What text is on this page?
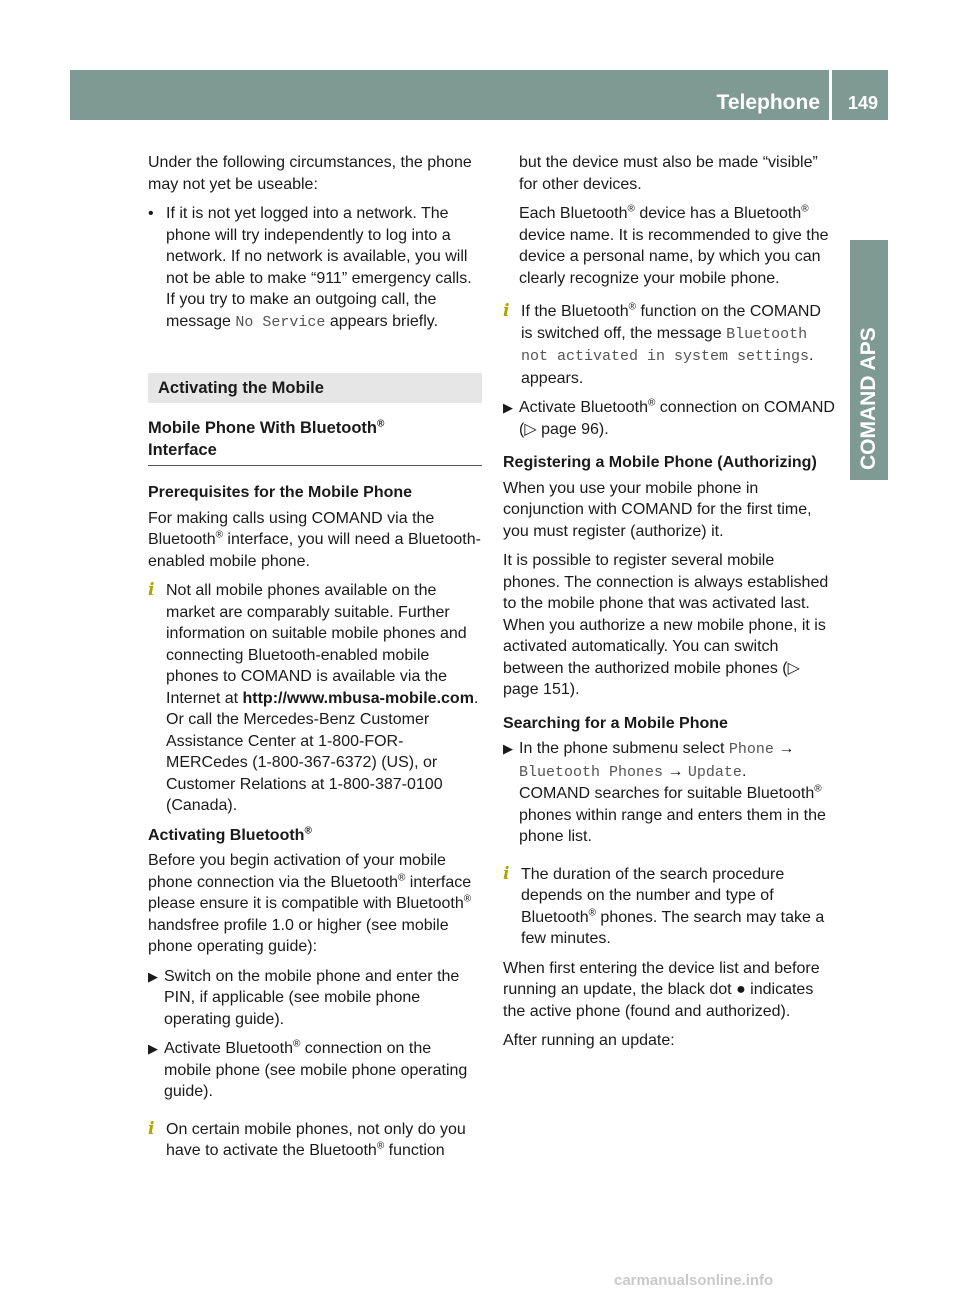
Telephone 149
COMAND APS

Under the following circumstances, the phone may not yet be useable:

• If it is not yet logged into a network. The phone will try independently to log into a network. If no network is available, you will not be able to make “911” emergency calls. If you try to make an outgoing call, the message No Service appears briefly.
Activating the Mobile
Mobile Phone With Bluetooth®
Interface

Prerequisites for the Mobile Phone

For making calls using COMAND via the Bluetooth® interface, you will need a Bluetooth-enabled mobile phone.

i Not all mobile phones available on the market are comparably suitable. Further information on suitable mobile phones and connecting Bluetooth-enabled mobile phones to COMAND is available via the Internet at http://www.mbusa-mobile.com. Or call the Mercedes-Benz Customer Assistance Center at 1-800-FOR-MERCedes (1-800-367-6372) (US), or Customer Relations at 1-800-387-0100 (Canada).

Activating Bluetooth®

Before you begin activation of your mobile phone connection via the Bluetooth® interface please ensure it is compatible with Bluetooth® handsfree profile 1.0 or higher (see mobile phone operating guide):

▶ Switch on the mobile phone and enter the PIN, if applicable (see mobile phone operating guide).
▶ Activate Bluetooth® connection on the mobile phone (see mobile phone operating guide).
i On certain mobile phones, not only do you have to activate the Bluetooth® function

but the device must also be made “visible” for other devices.

Each Bluetooth® device has a Bluetooth®
device name. It is recommended to give the device a personal name, by which you can clearly recognize your mobile phone.

i If the Bluetooth® function on the COMAND is switched off, the message Bluetooth not activated in system settings. appears.
▶ Activate Bluetooth® connection on COMAND (▷ page 96).

Registering a Mobile Phone (Authorizing)

When you use your mobile phone in conjunction with COMAND for the first time, you must register (authorize) it.

It is possible to register several mobile phones. The connection is always established to the mobile phone that was activated last. When you authorize a new mobile phone, it is activated automatically. You can switch between the authorized mobile phones (▷ page 151).

Searching for a Mobile Phone

▶ In the phone submenu select Phone → Bluetooth Phones → Update.
COMAND searches for suitable Bluetooth® phones within range and enters them in the phone list.
i The duration of the search procedure depends on the number and type of Bluetooth® phones. The search may take a few minutes.

When first entering the device list and before running an update, the black dot ● indicates the active phone (found and authorized).

After running an update:

carmanualsonline.info
